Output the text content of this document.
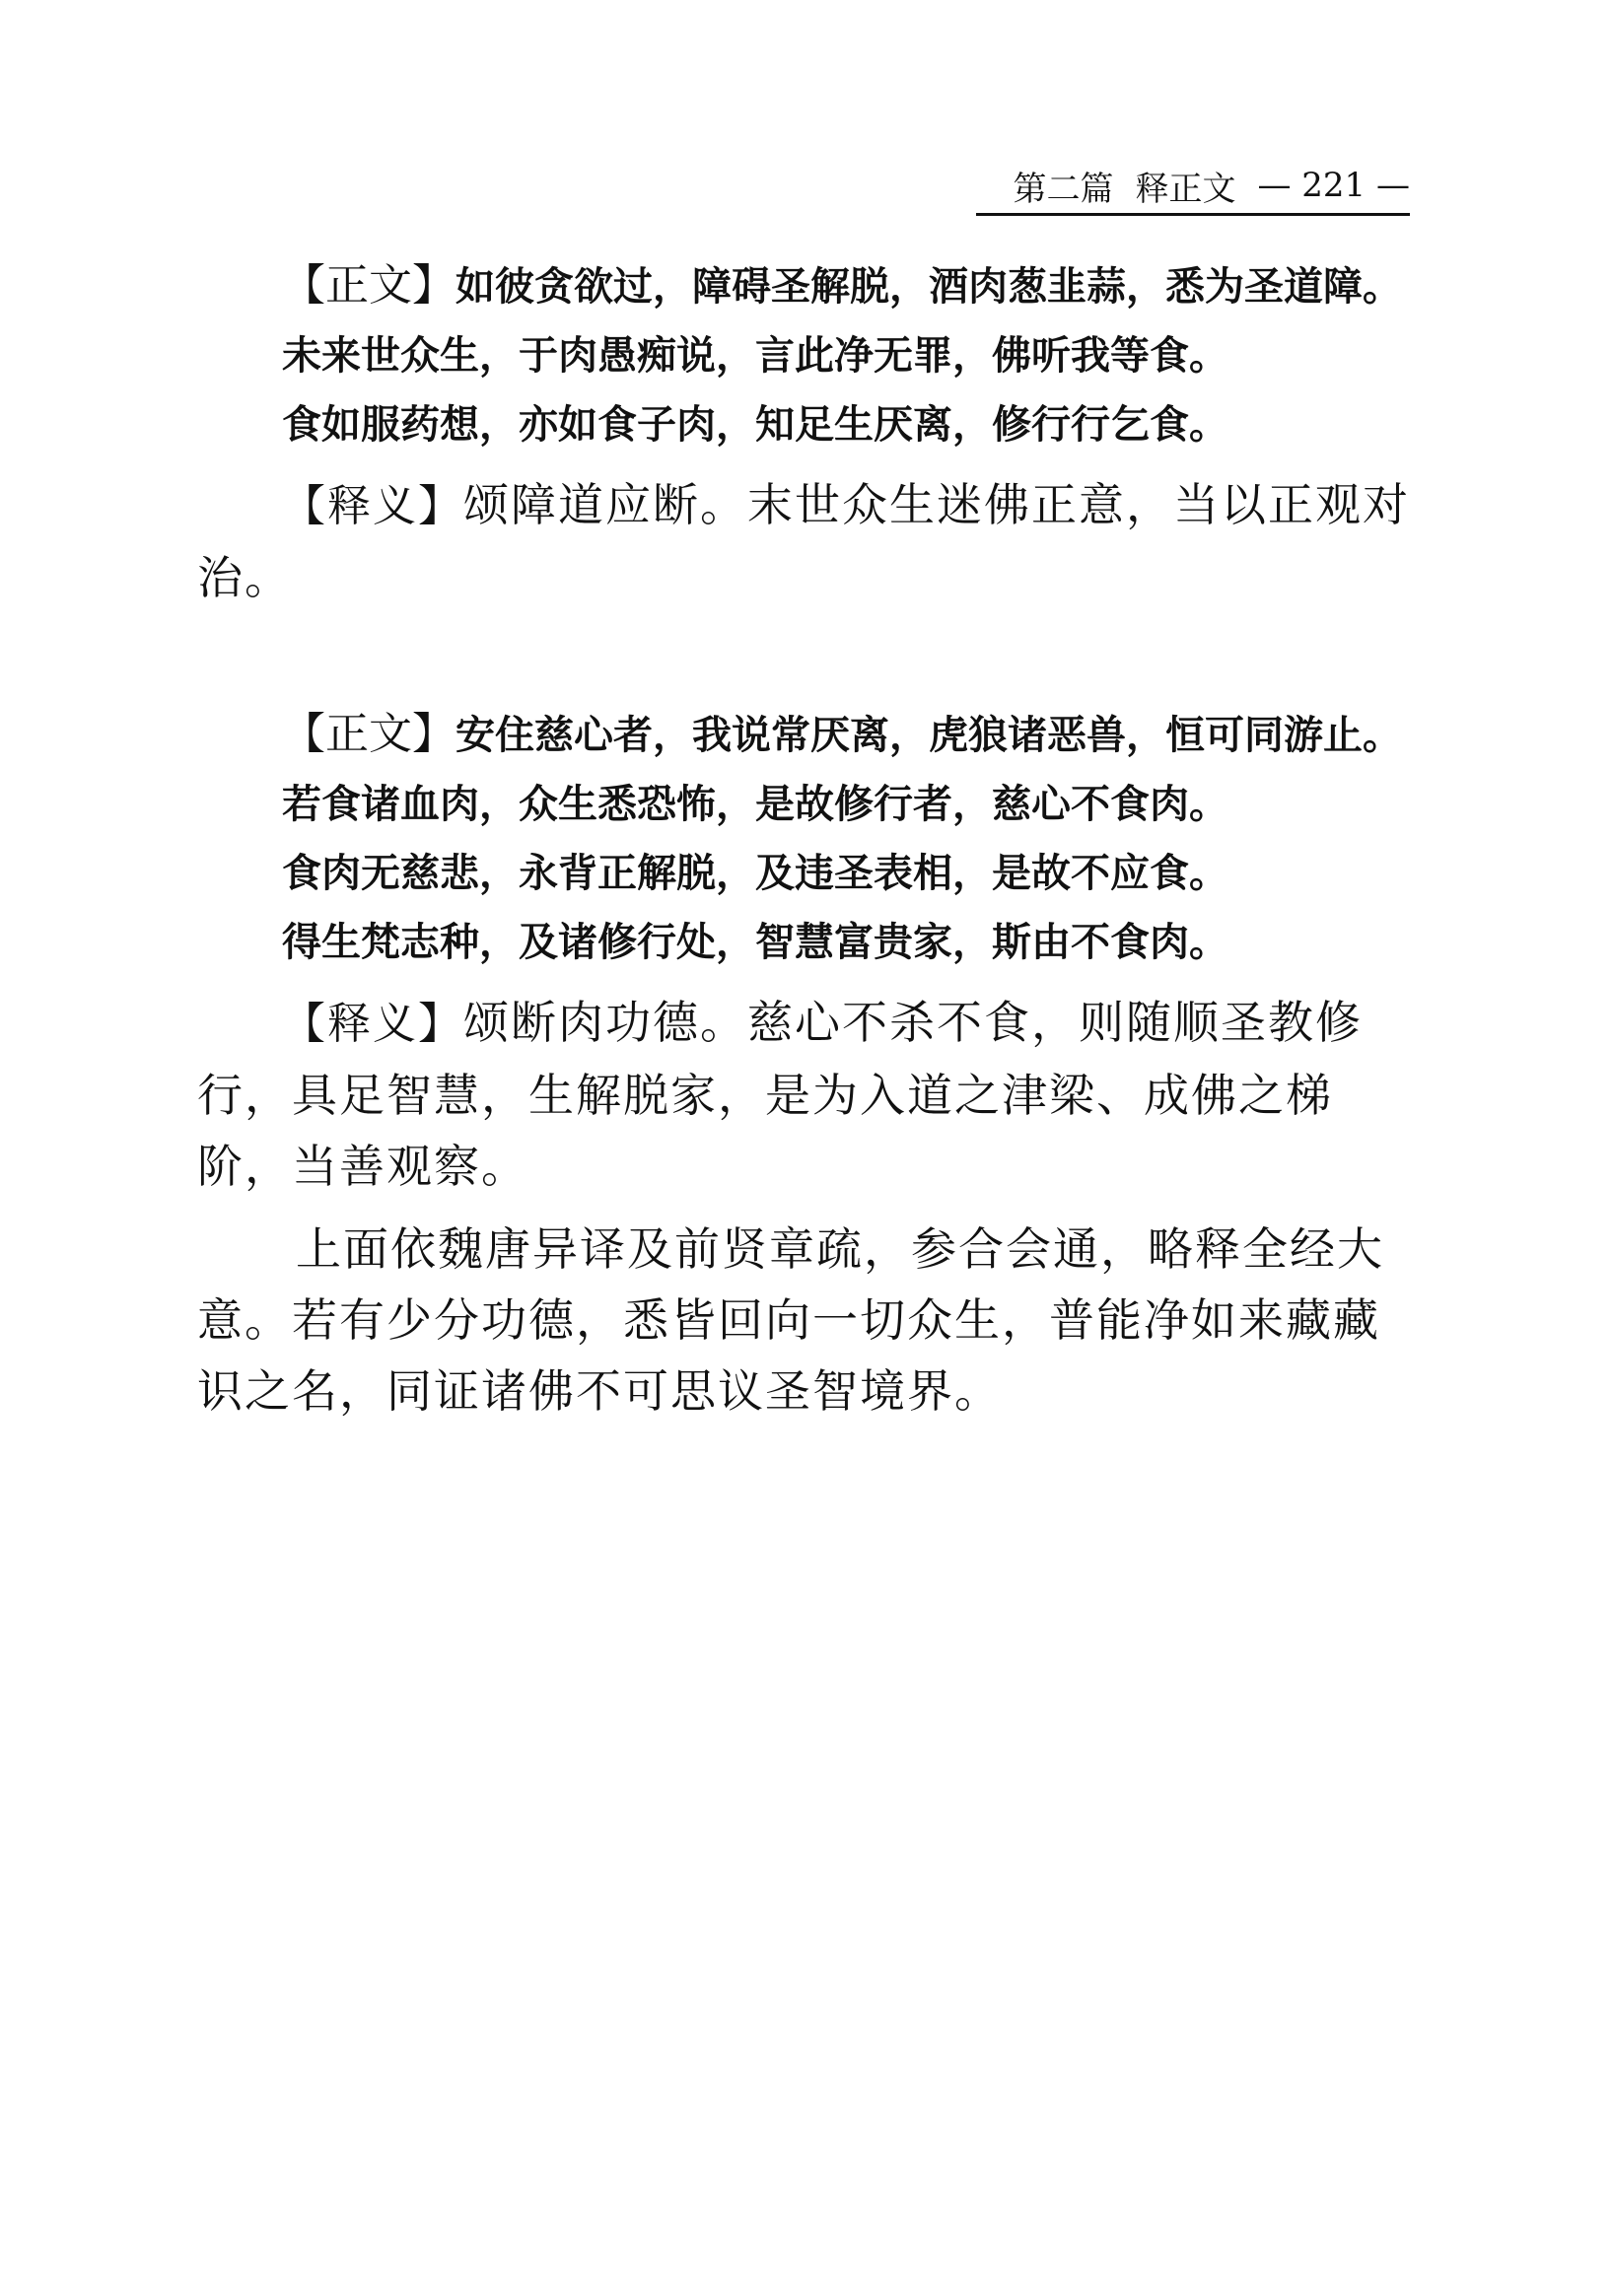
第二篇 释正文 — 221 —
【正文】如彼贪欲过，障碍圣解脱，酒肉葱韭蒜，悉为圣道障。
未来世众生，于肉愚痴说，言此净无罪，佛听我等食。
食如服药想，亦如食子肉，知足生厌离，修行行乞食。

【释义】颂障道应断。末世众生迷佛正意，当以正观对治。

【正文】安住慈心者，我说常厌离，虎狼诸恶兽，恒可同游止。
若食诸血肉，众生悉恐怖，是故修行者，慈心不食肉。
食肉无慈悲，永背正解脱，及违圣表相，是故不应食。
得生梵志种，及诸修行处，智慧富贵家，斯由不食肉。

【释义】颂断肉功德。慈心不杀不食，则随顺圣教修行，具足智慧，生解脱家，是为入道之津梁、成佛之梯阶，当善观察。

上面依魏唐异译及前贤章疏，参合会通，略释全经大意。若有少分功德，悉皆回向一切众生，普能净如来藏藏识之名，同证诸佛不可思议圣智境界。
